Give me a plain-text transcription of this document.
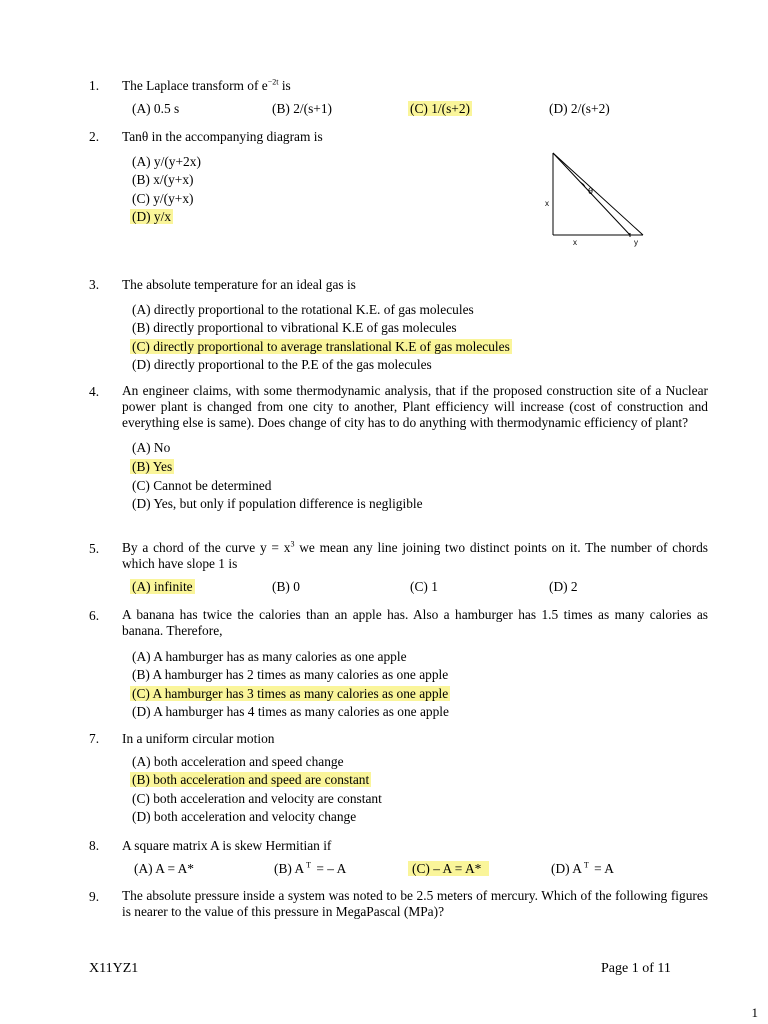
1.	The Laplace transform of $e^{-2t}$ is
(A) 0.5 s	(B) 2/(s+1)	(C) 1/(s+2)	(D) 2/(s+2)
2.	Tanθ in the accompanying diagram is
(A) y/(y+2x)
(B) x/(y+x)
(C) y/(y+x)
(D) y/x
θ
x
x	y
3.	The absolute temperature for an ideal gas is
(A) directly proportional to the rotational K.E. of gas molecules
(B) directly proportional to vibrational K.E of gas molecules
(C) directly proportional to average translational K.E of gas molecules
(D) directly proportional to the P.E of the gas molecules
4.	An engineer claims, with some thermodynamic analysis, that if the proposed construction site of a Nuclear power plant is changed from one city to another, Plant efficiency will increase (cost of construction and everything else is same). Does change of city has to do anything with thermodynamic efficiency of plant?
(A) No
(B) Yes
(C) Cannot be determined
(D) Yes, but only if population difference is negligible
5.	By a chord of the curve $y = x^3$ we mean any line joining two distinct points on it. The number of chords which have slope 1 is
(A) infinite	(B) 0	(C) 1	(D) 2
6.	A banana has twice the calories than an apple has. Also a hamburger has 1.5 times as many calories as banana. Therefore,
(A) A hamburger has as many calories as one apple
(B) A hamburger has 2 times as many calories as one apple
(C) A hamburger has 3 times as many calories as one apple
(D) A hamburger has 4 times as many calories as one apple
7.	In a uniform circular motion
(A) both acceleration and speed change
(B) both acceleration and speed are constant
(C) both acceleration and velocity are constant
(D) both acceleration and velocity change
8.	A square matrix A is skew Hermitian if
(A) A = A*	(B) A $^T$ = – A	(C) – A = A*	(D) A $^T$ = A
9.	The absolute pressure inside a system was noted to be 2.5 meters of mercury. Which of the following figures is nearer to the value of this pressure in MegaPascal (MPa)?
X11YZ1	Page 1 of 11
1
